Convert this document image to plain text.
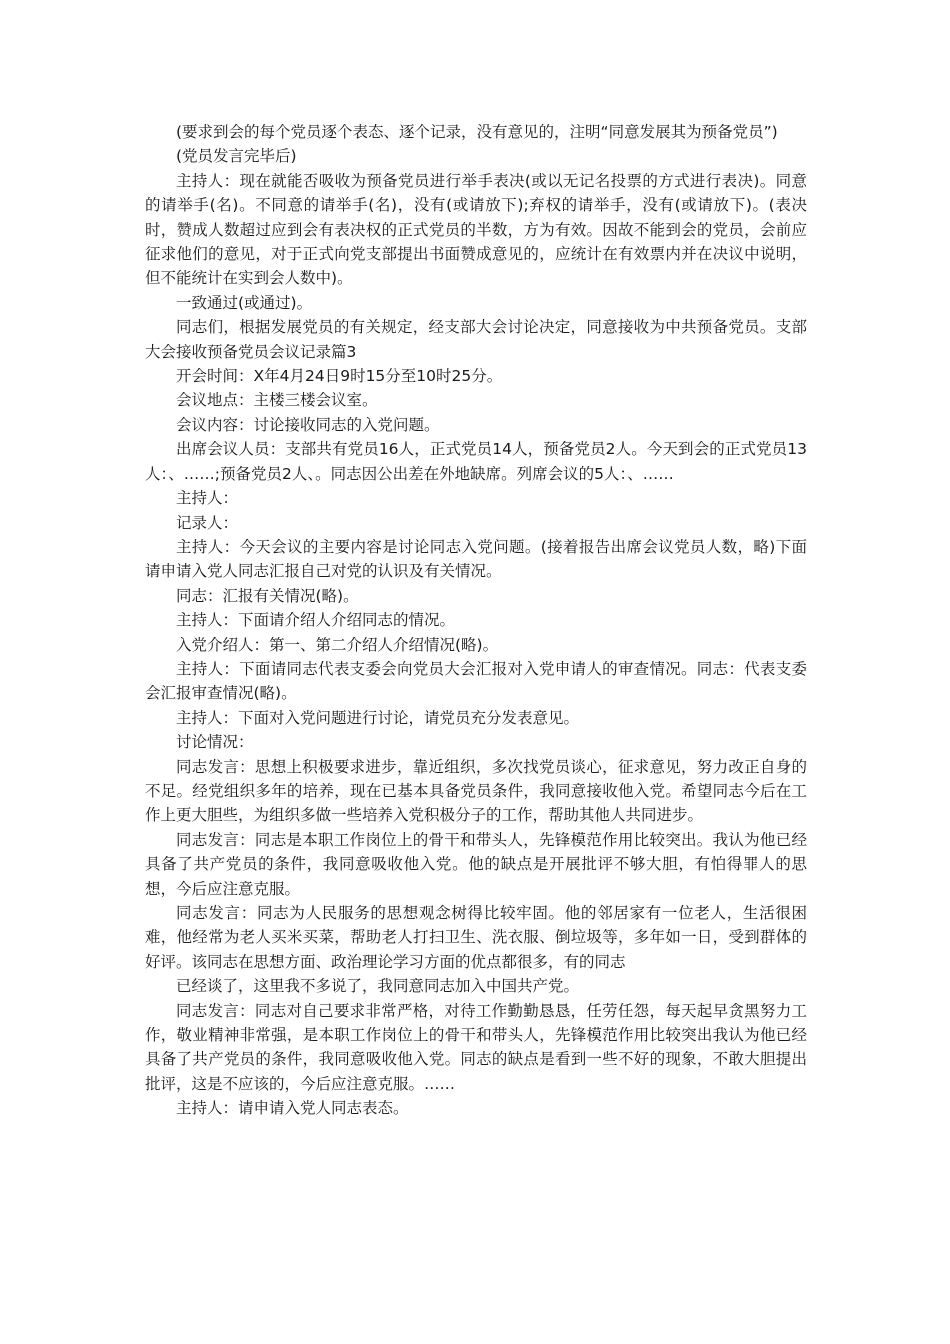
(要求到会的每个党员逐个表态、逐个记录，没有意见的，注明“同意发展其为预备党员”)

(党员发言完毕后)

主持人：现在就能否吸收为预备党员进行举手表决(或以无记名投票的方式进行表决)。同意的请举手(名)。不同意的请举手(名)，没有(或请放下);弃权的请举手，没有(或请放下)。(表决时，赞成人数超过应到会有表决权的正式党员的半数，方为有效。因故不能到会的党员，会前应征求他们的意见，对于正式向党支部提出书面赞成意见的，应统计在有效票内并在决议中说明，但不能统计在实到会人数中)。

一致通过(或通过)。

同志们，根据发展党员的有关规定，经支部大会讨论决定，同意接收为中共预备党员。支部大会接收预备党员会议记录篇3

开会时间：X年4月24日9时15分至10时25分。

会议地点：主楼三楼会议室。

会议内容：讨论接收同志的入党问题。

出席会议人员：支部共有党员16人，正式党员14人，预备党员2人。今天到会的正式党员13人：、……;预备党员2人、。同志因公出差在外地缺席。列席会议的5人：、……

主持人：

记录人：

主持人：今天会议的主要内容是讨论同志入党问题。(接着报告出席会议党员人数，略)下面请申请入党人同志汇报自己对党的认识及有关情况。

同志：汇报有关情况(略)。

主持人：下面请介绍人介绍同志的情况。

入党介绍人：第一、第二介绍人介绍情况(略)。

主持人：下面请同志代表支委会向党员大会汇报对入党申请人的审查情况。同志：代表支委会汇报审查情况(略)。

主持人：下面对入党问题进行讨论，请党员充分发表意见。

讨论情况：

同志发言：思想上积极要求进步，靠近组织，多次找党员谈心，征求意见，努力改正自身的不足。经党组织多年的培养，现在已基本具备党员条件，我同意接收他入党。希望同志今后在工作上更大胆些，为组织多做一些培养入党积极分子的工作，帮助其他人共同进步。

同志发言：同志是本职工作岗位上的骨干和带头人，先锋模范作用比较突出。我认为他已经具备了共产党员的条件，我同意吸收他入党。他的缺点是开展批评不够大胆，有怕得罪人的思想，今后应注意克服。

同志发言：同志为人民服务的思想观念树得比较牢固。他的邻居家有一位老人，生活很困难，他经常为老人买米买菜，帮助老人打扫卫生、洗衣服、倒垃圾等，多年如一日，受到群体的好评。该同志在思想方面、政治理论学习方面的优点都很多，有的同志

已经谈了，这里我不多说了，我同意同志加入中国共产党。

同志发言：同志对自己要求非常严格，对待工作勤勤恳恳，任劳任怨，每天起早贪黑努力工作，敬业精神非常强，是本职工作岗位上的骨干和带头人，先锋模范作用比较突出我认为他已经具备了共产党员的条件，我同意吸收他入党。同志的缺点是看到一些不好的现象，不敢大胆提出批评，这是不应该的，今后应注意克服。……

主持人：请申请入党人同志表态。
